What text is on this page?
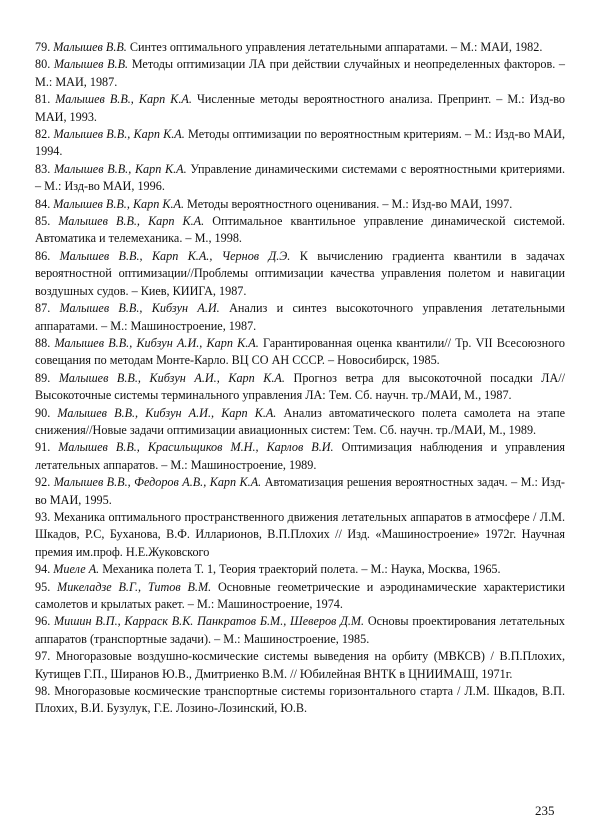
79. Малышев В.В. Синтез оптимального управления летательными аппаратами. – М.: МАИ, 1982.

80. Малышев В.В. Методы оптимизации ЛА при действии случайных и неопределенных факторов. – М.: МАИ, 1987.

81. Малышев В.В., Карп К.А. Численные методы вероятностного анализа. Препринт. – М.: Изд-во МАИ, 1993.

82. Малышев В.В., Карп К.А. Методы оптимизации по вероятностным критериям. – М.: Изд-во МАИ, 1994.

83. Малышев В.В., Карп К.А. Управление динамическими системами с вероятностными критериями. – М.: Изд-во МАИ, 1996.

84. Малышев В.В., Карп К.А. Методы вероятностного оценивания. – М.: Изд-во МАИ, 1997.

85. Малышев В.В., Карп К.А. Оптимальное квантильное управление динамической системой. Автоматика и телемеханика. – М., 1998.

86. Малышев В.В., Карп К.А., Чернов Д.Э. К вычислению градиента квантили в задачах вероятностной оптимизации//Проблемы оптимизации качества управления полетом и навигации воздушных судов. – Киев, КИИГА, 1987.

87. Малышев В.В., Кибзун А.И. Анализ и синтез высокоточного управления летательными аппаратами. – М.: Машиностроение, 1987.

88. Малышев В.В., Кибзун А.И., Карп К.А. Гарантированная оценка квантили// Тр. VII Всесоюзного совещания по методам Монте-Карло. ВЦ СО АН СССР. – Новосибирск, 1985.

89. Малышев В.В., Кибзун А.И., Карп К.А. Прогноз ветра для высокоточной посадки ЛА//Высокоточные системы терминального управления ЛА: Тем. Сб. научн. тр./МАИ, М., 1987.

90. Малышев В.В., Кибзун А.И., Карп К.А. Анализ автоматического полета самолета на этапе снижения//Новые задачи оптимизации авиационных систем: Тем. Сб. научн. тр./МАИ, М., 1989.

91. Малышев В.В., Красильщиков М.Н., Карлов В.И. Оптимизация наблюдения и управления летательных аппаратов. – М.: Машиностроение, 1989.

92. Малышев В.В., Федоров А.В., Карп К.А. Автоматизация решения вероятностных задач. – М.: Изд-во МАИ, 1995.

93. Механика оптимального пространственного движения летательных аппаратов в атмосфере / Л.М. Шкадов, Р.С, Буханова, В.Ф. Илларионов, В.П.Плохих // Изд. «Машиностроение» 1972г. Научная премия им.проф. Н.Е.Жуковского

94. Миеле А. Механика полета Т. 1, Теория траекторий полета. – М.: Наука, Москва, 1965.

95. Микеладзе В.Г., Титов В.М. Основные геометрические и аэродинамические характеристики самолетов и крылатых ракет. – М.: Машиностроение, 1974.

96. Мишин В.П., Карраск В.К. Панкратов Б.М., Шеверов Д.М. Основы проектирования летательных аппаратов (транспортные задачи). – М.: Машиностроение, 1985.

97. Многоразовые воздушно-космические системы выведения на орбиту (МВКСВ) / В.П.Плохих, Кутищев Г.П., Ширанов Ю.В., Дмитриенко В.М. // Юбилейная ВНТК в ЦНИИМАШ, 1971г.

98. Многоразовые космические транспортные системы горизонтального старта / Л.М. Шкадов, В.П. Плохих, В.И. Бузулук, Г.Е. Лозино-Лозинский, Ю.В.

235
